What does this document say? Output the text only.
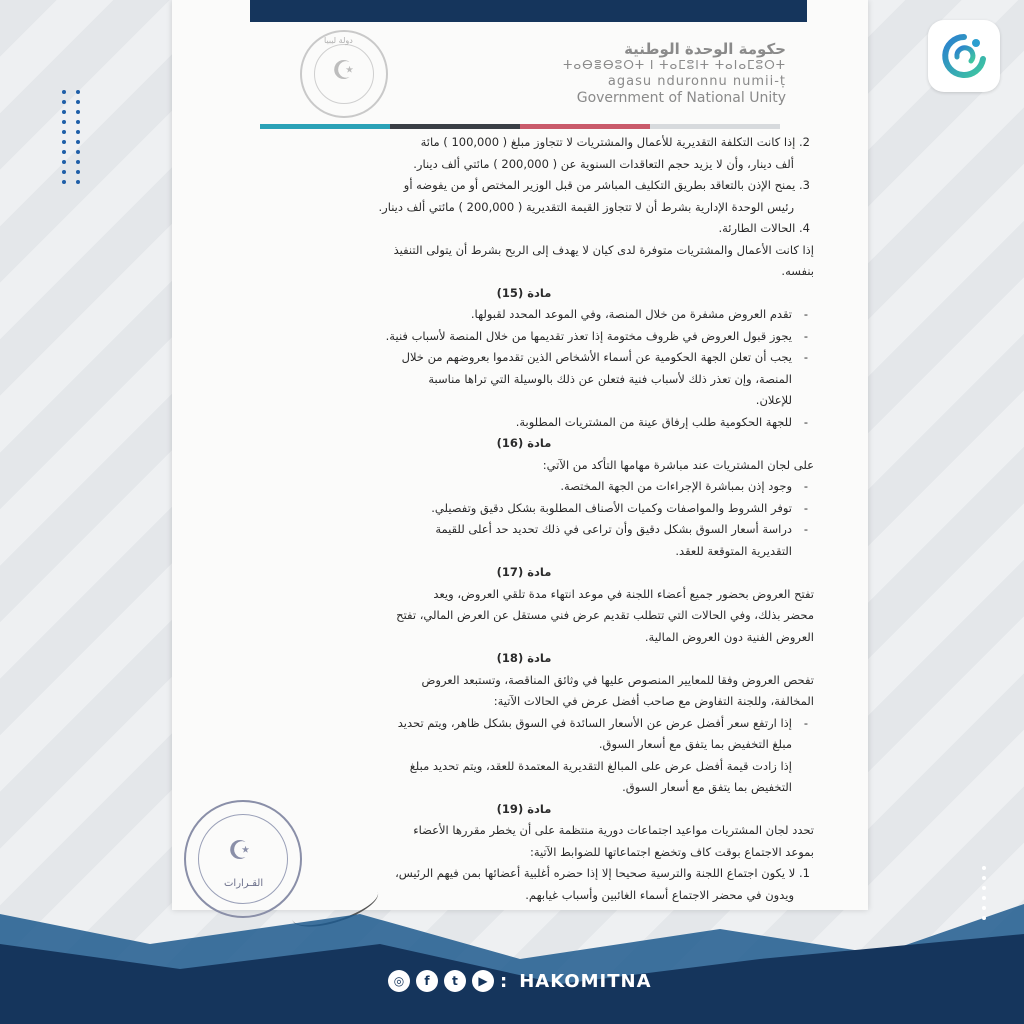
☪
دولة ليبيا	حكومة الوحدة الوطنية
ⵜⴰⴱⴻⴱⵓⵔⵜ ⵏ ⵜⴰⵎⵓⵏⵜ ⵜⴰⵏⴰⵎⵓⵔⵜ
agasu nduronnu numii-ṭ
Government of National Unity

2. إذا كانت التكلفة التقديرية للأعمال والمشتريات لا تتجاوز مبلغ ( 100,000 ) مائة

ألف دينار، وأن لا يزيد حجم التعاقدات السنوية عن ( 200,000 ) مائتي ألف دينار.

3. يمنح الإذن بالتعاقد بطريق التكليف المباشر من قبل الوزير المختص أو من يفوضه أو

رئيس الوحدة الإدارية بشرط أن لا تتجاوز القيمة التقديرية ( 200,000 ) مائتي ألف دينار.

4. الحالات الطارئة.

إذا كانت الأعمال والمشتريات متوفرة لدى كيان لا يهدف إلى الربح بشرط أن يتولى التنفيذ

بنفسه.

مادة (15)

- تقدم العروض مشفرة من خلال المنصة، وفي الموعد المحدد لقبولها.

- يجوز قبول العروض في ظروف مختومة إذا تعذر تقديمها من خلال المنصة لأسباب فنية.

- يجب أن تعلن الجهة الحكومية عن أسماء الأشخاص الذين تقدموا بعروضهم من خلال

المنصة، وإن تعذر ذلك لأسباب فنية فتعلن عن ذلك بالوسيلة التي تراها مناسبة

للإعلان.

- للجهة الحكومية طلب إرفاق عينة من المشتريات المطلوبة.

مادة (16)

على لجان المشتريات عند مباشرة مهامها التأكد من الآتي:

- وجود إذن بمباشرة الإجراءات من الجهة المختصة.

- توفر الشروط والمواصفات وكميات الأصناف المطلوبة بشكل دقيق وتفصيلي.

- دراسة أسعار السوق بشكل دقيق وأن تراعى في ذلك تحديد حد أعلى للقيمة

التقديرية المتوقعة للعقد.

مادة (17)

تفتح العروض بحضور جميع أعضاء اللجنة في موعد انتهاء مدة تلقي العروض، ويعد

محضر بذلك، وفي الحالات التي تتطلب تقديم عرض فني مستقل عن العرض المالي، تفتح

العروض الفنية دون العروض المالية.

مادة (18)

تفحص العروض وفقا للمعايير المنصوص عليها في وثائق المناقصة، وتستبعد العروض

المخالفة، وللجنة التفاوض مع صاحب أفضل عرض في الحالات الآتية:

- إذا ارتفع سعر أفضل عرض عن الأسعار السائدة في السوق بشكل ظاهر، ويتم تحديد

مبلغ التخفيض بما يتفق مع أسعار السوق.

إذا زادت قيمة أفضل عرض على المبالغ التقديرية المعتمدة للعقد، ويتم تحديد مبلغ

التخفيض بما يتفق مع أسعار السوق.

مادة (19)

تحدد لجان المشتريات مواعيد اجتماعات دورية منتظمة على أن يخطر مقررها الأعضاء

بموعد الاجتماع بوقت كاف وتخضع اجتماعاتها للضوابط الآتية:

1. لا يكون اجتماع اللجنة والترسية صحيحا إلا إذا حضره أغلبية أعضائها بمن فيهم الرئيس،

ويدون في محضر الاجتماع أسماء الغائبين وأسباب غيابهم.

☪
القـرارات
◎	f	t	▶ : HAKOMITNA
